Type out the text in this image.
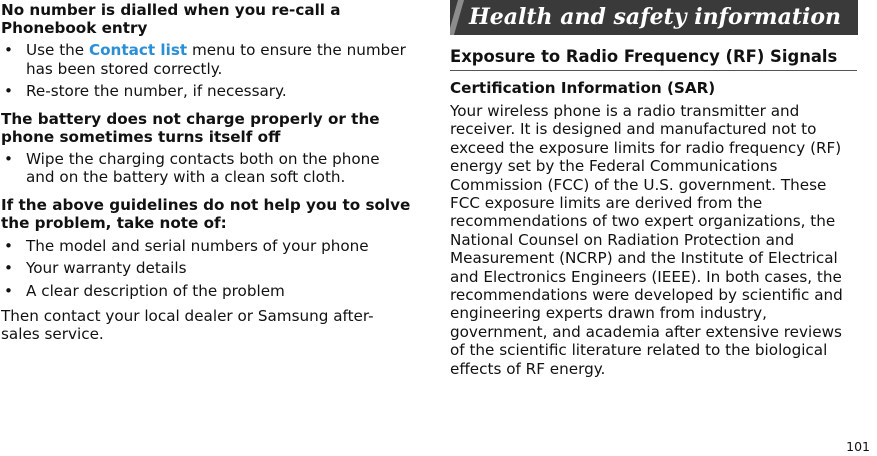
No number is dialled when you re-call a Phonebook entry

• Use the Contact list menu to ensure the number has been stored correctly.
• Re-store the number, if necessary.

The battery does not charge properly or the phone sometimes turns itself off

• Wipe the charging contacts both on the phone and on the battery with a clean soft cloth.

If the above guidelines do not help you to solve the problem, take note of:

• The model and serial numbers of your phone
• Your warranty details
• A clear description of the problem

Then contact your local dealer or Samsung after-sales service.

Health and safety information
Exposure to Radio Frequency (RF) Signals
Certification Information (SAR)

Your wireless phone is a radio transmitter and receiver. It is designed and manufactured not to exceed the exposure limits for radio frequency (RF) energy set by the Federal Communications Commission (FCC) of the U.S. government. These FCC exposure limits are derived from the recommendations of two expert organizations, the National Counsel on Radiation Protection and Measurement (NCRP) and the Institute of Electrical and Electronics Engineers (IEEE). In both cases, the recommendations were developed by scientific and engineering experts drawn from industry, government, and academia after extensive reviews of the scientific literature related to the biological effects of RF energy.

101
